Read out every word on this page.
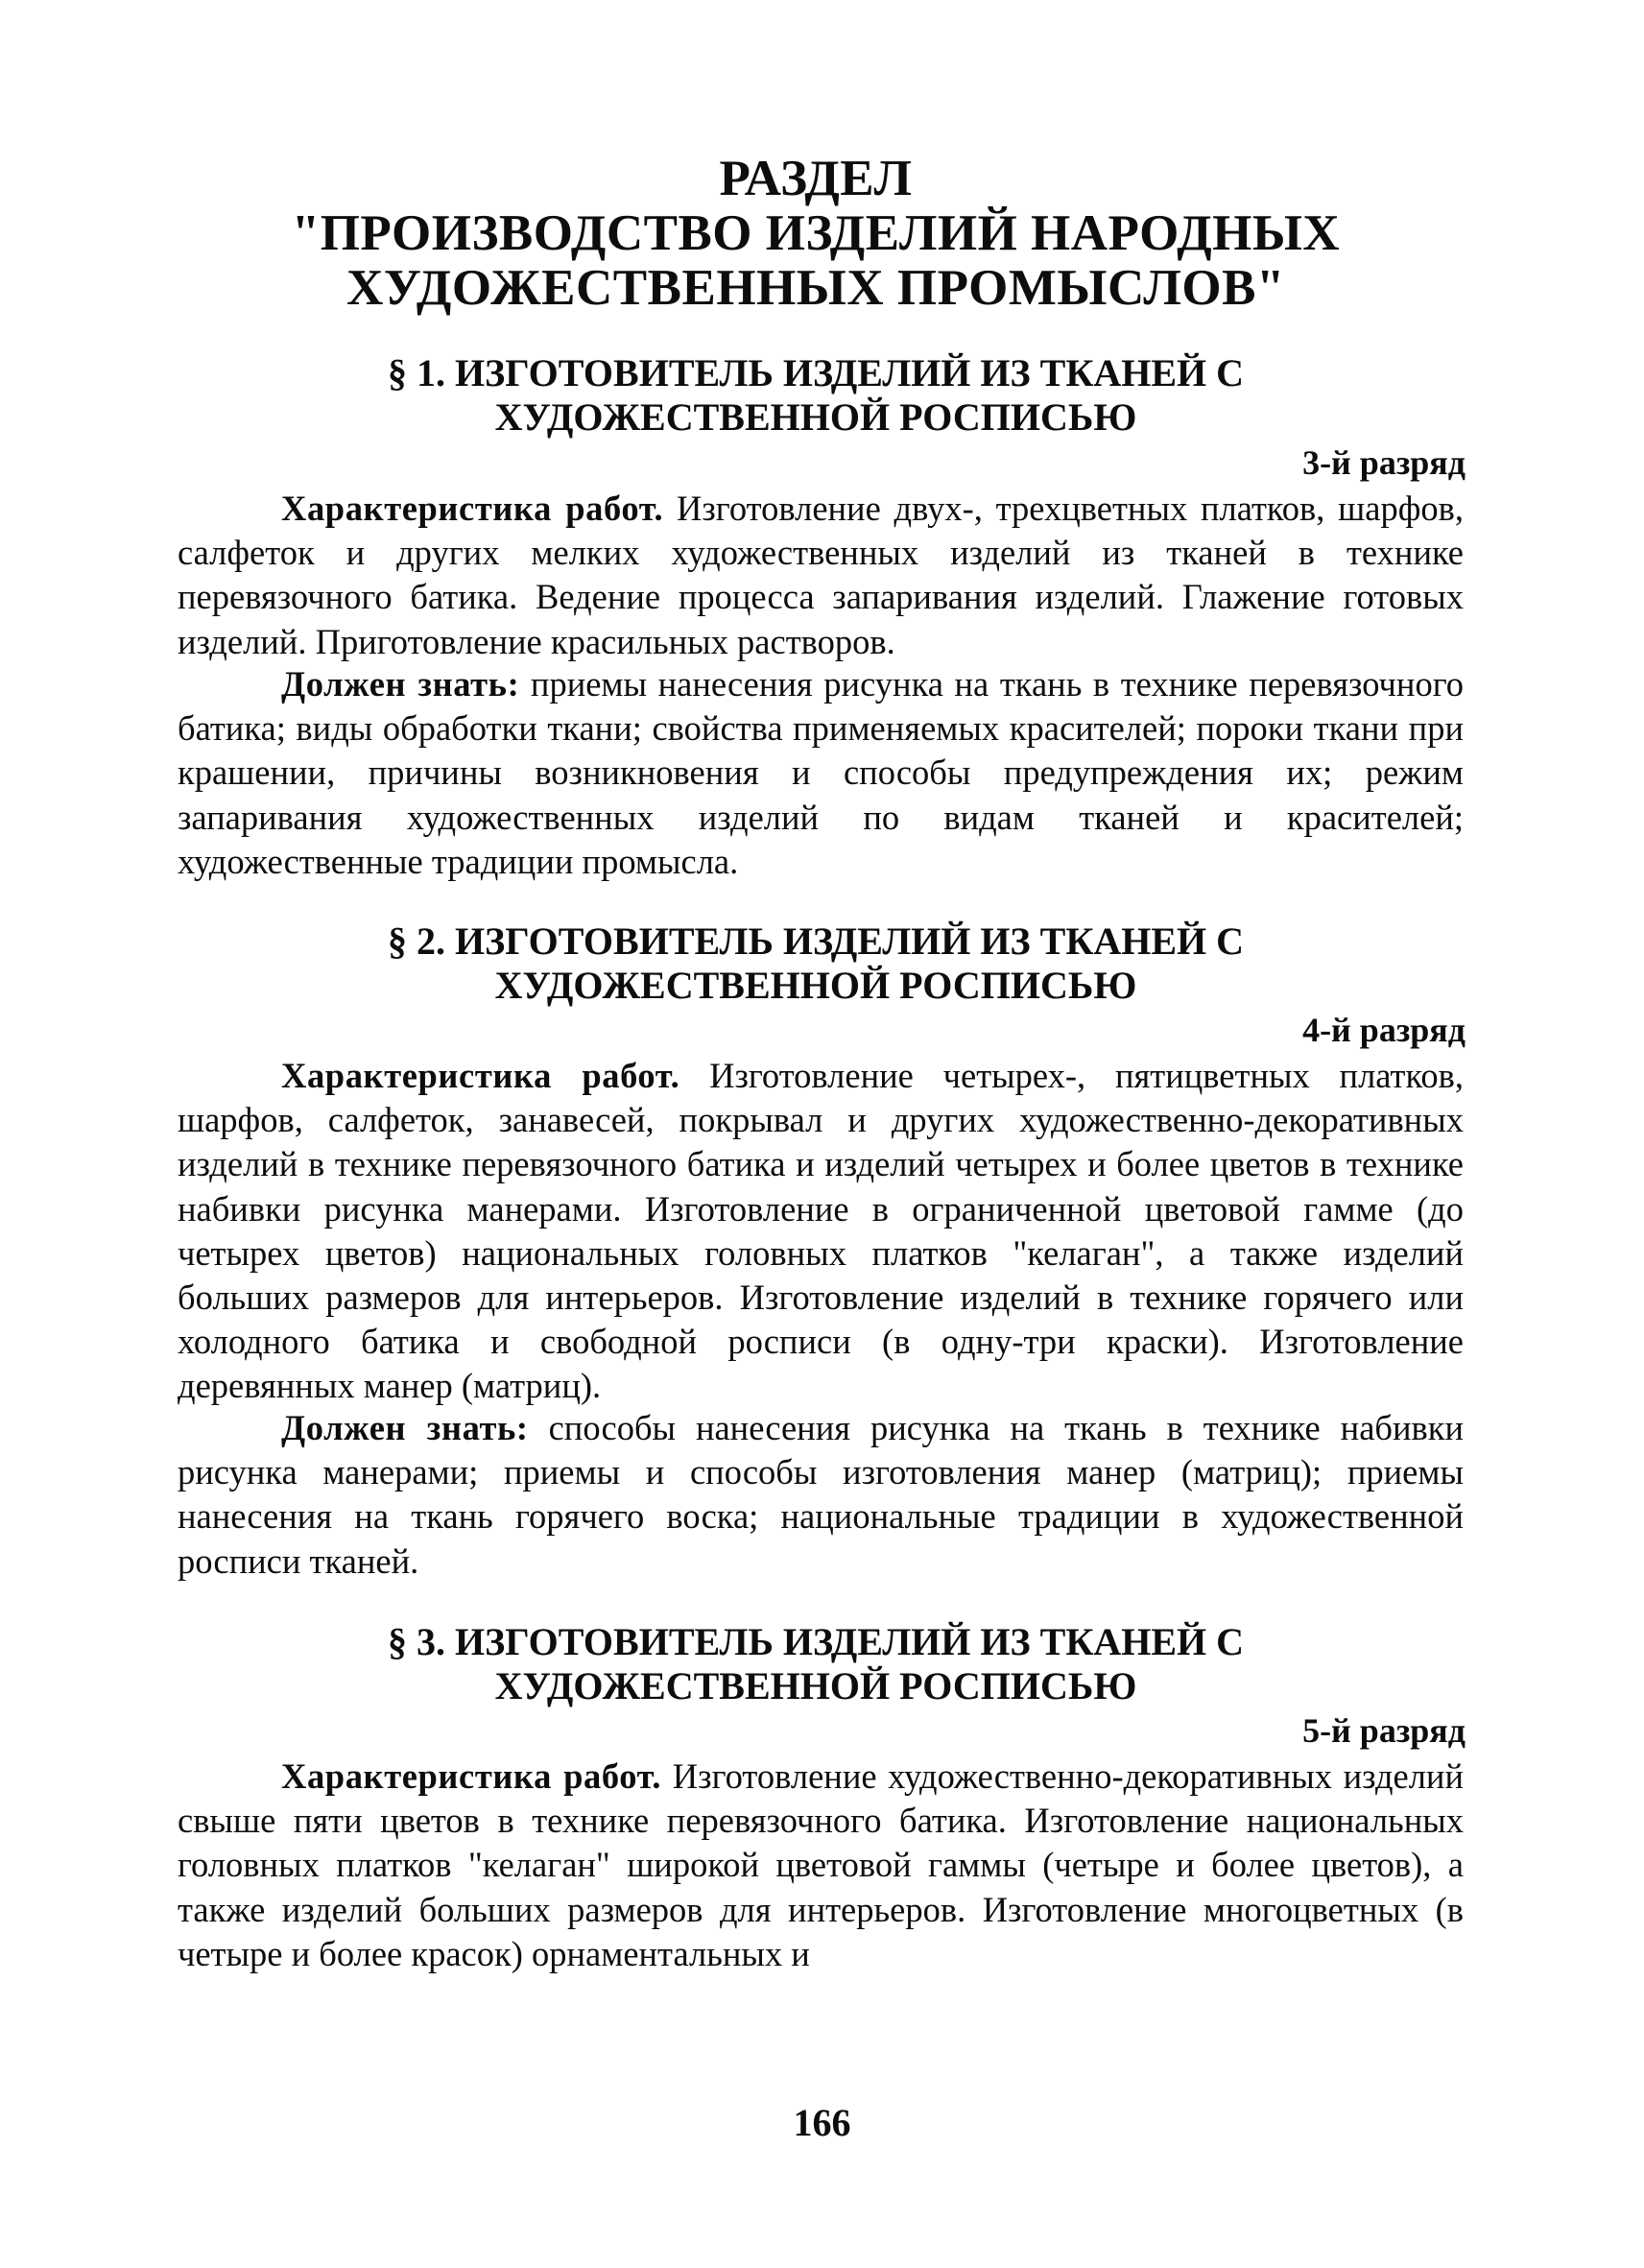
РАЗДЕЛ
"ПРОИЗВОДСТВО ИЗДЕЛИЙ НАРОДНЫХ
ХУДОЖЕСТВЕННЫХ ПРОМЫСЛОВ"
§ 1. ИЗГОТОВИТЕЛЬ ИЗДЕЛИЙ ИЗ ТКАНЕЙ С
ХУДОЖЕСТВЕННОЙ РОСПИСЬЮ

3-й разряд

Характеристика работ. Изготовление двух-, трехцветных платков, шарфов, салфеток и других мелких художественных изделий из тканей в технике перевязочного батика. Ведение процесса запаривания изделий. Глажение готовых изделий. Приготовление красильных растворов.

Должен знать: приемы нанесения рисунка на ткань в технике перевязочного батика; виды обработки ткани; свойства применяемых красителей; пороки ткани при крашении, причины возникновения и способы предупреждения их; режим запаривания художественных изделий по видам тканей и красителей; художественные традиции промысла.

§ 2. ИЗГОТОВИТЕЛЬ ИЗДЕЛИЙ ИЗ ТКАНЕЙ С
ХУДОЖЕСТВЕННОЙ РОСПИСЬЮ

4-й разряд

Характеристика работ. Изготовление четырех-, пятицветных платков, шарфов, салфеток, занавесей, покрывал и других художественно-декоративных изделий в технике перевязочного батика и изделий четырех и более цветов в технике набивки рисунка манерами. Изготовление в ограниченной цветовой гамме (до четырех цветов) национальных головных платков "келаган", а также изделий больших размеров для интерьеров. Изготовление изделий в технике горячего или холодного батика и свободной росписи (в одну-три краски). Изготовление деревянных манер (матриц).

Должен знать: способы нанесения рисунка на ткань в технике набивки рисунка манерами; приемы и способы изготовления манер (матриц); приемы нанесения на ткань горячего воска; национальные традиции в художественной росписи тканей.

§ 3. ИЗГОТОВИТЕЛЬ ИЗДЕЛИЙ ИЗ ТКАНЕЙ С
ХУДОЖЕСТВЕННОЙ РОСПИСЬЮ

5-й разряд

Характеристика работ. Изготовление художественно-декоративных изделий свыше пяти цветов в технике перевязочного батика. Изготовление национальных головных платков "келаган" широкой цветовой гаммы (четыре и более цветов), а также изделий больших размеров для интерьеров. Изготовление многоцветных (в четыре и более красок) орнаментальных и

166
